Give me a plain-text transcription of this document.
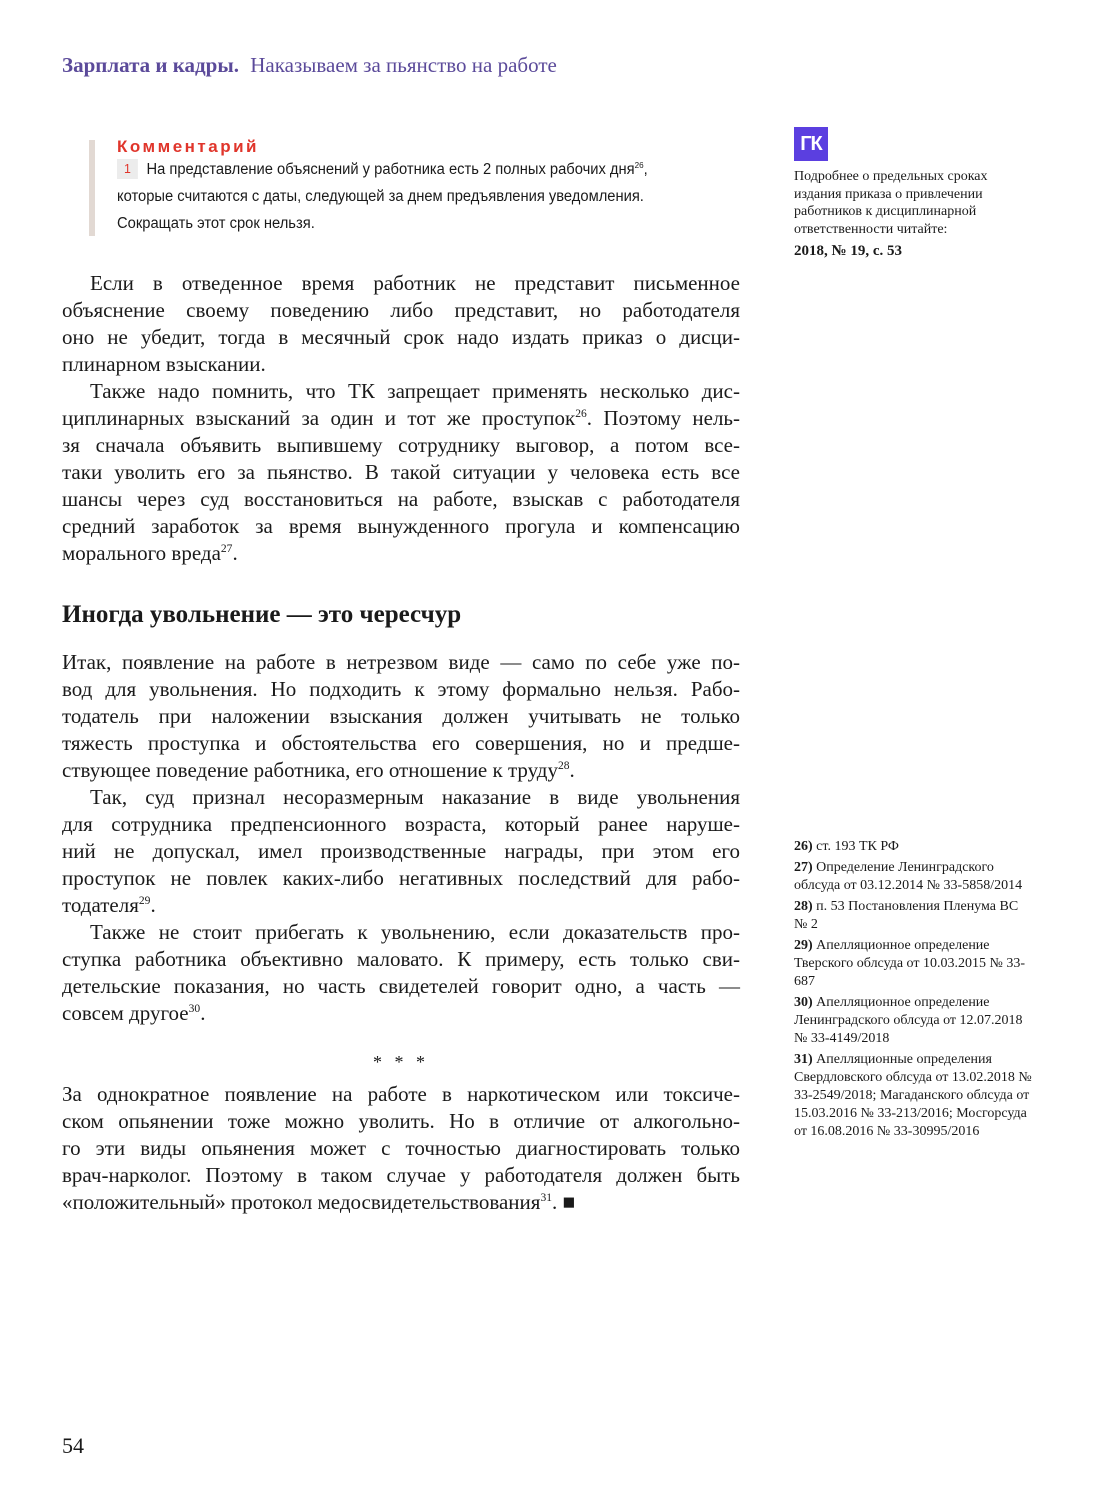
Зарплата и кадры. Наказываем за пьянство на работе
Комментарий
1 На представление объяснений у работника есть 2 полных рабочих дня$^{26}$,
которые считаются с даты, следующей за днем предъявления уведомления.
Сокращать этот срок нельзя.
ГК
Подробнее о предельных сроках издания приказа о привлечении работников к дисциплинарной ответственности читайте:
2018, № 19, с. 53
Если в отведенное время работник не представит письменное
объяснение своему поведению либо представит, но работодателя
оно не убедит, тогда в месячный срок надо издать приказ о дисци-
плинарном взыскании.
Также надо помнить, что ТК запрещает применять несколько дис-
циплинарных взысканий за один и тот же проступок$^{26}$. Поэтому нель-
зя сначала объявить выпившему сотруднику выговор, а потом все-
таки уволить его за пьянство. В такой ситуации у человека есть все
шансы через суд восстановиться на работе, взыскав с работодателя
средний заработок за время вынужденного прогула и компенсацию
морального вреда$^{27}$.
Иногда увольнение — это чересчур
Итак, появление на работе в нетрезвом виде — само по себе уже по-
вод для увольнения. Но подходить к этому формально нельзя. Рабо-
тодатель при наложении взыскания должен учитывать не только
тяжесть проступка и обстоятельства его совершения, но и предше-
ствующее поведение работника, его отношение к труду$^{28}$.
Так, суд признал несоразмерным наказание в виде увольнения
для сотрудника предпенсионного возраста, который ранее наруше-
ний не допускал, имел производственные награды, при этом его
проступок не повлек каких-либо негативных последствий для рабо-
тодателя$^{29}$.
Также не стоит прибегать к увольнению, если доказательств про-
ступка работника объективно маловато. К примеру, есть только сви-
детельские показания, но часть свидетелей говорит одно, а часть —
совсем другое$^{30}$.
* * *
За однократное появление на работе в наркотическом или токсиче-
ском опьянении тоже можно уволить. Но в отличие от алкогольно-
го эти виды опьянения может с точностью диагностировать только
врач-нарколог. Поэтому в таком случае у работодателя должен быть
«положительный» протокол медосвидетельствования$^{31}$. ■
26) ст. 193 ТК РФ
27) Определение Ленинградского облсуда от 03.12.2014 № 33-5858/2014
28) п. 53 Постановления Пленума ВС № 2
29) Апелляционное определение Тверского облсуда от 10.03.2015 № 33-687
30) Апелляционное определение Ленинградского облсуда от 12.07.2018 № 33-4149/2018
31) Апелляционные определения Свердловского облсуда от 13.02.2018 № 33-2549/2018; Магаданского облсуда от 15.03.2016 № 33-213/2016; Мосгорсуда от 16.08.2016 № 33-30995/2016
54
